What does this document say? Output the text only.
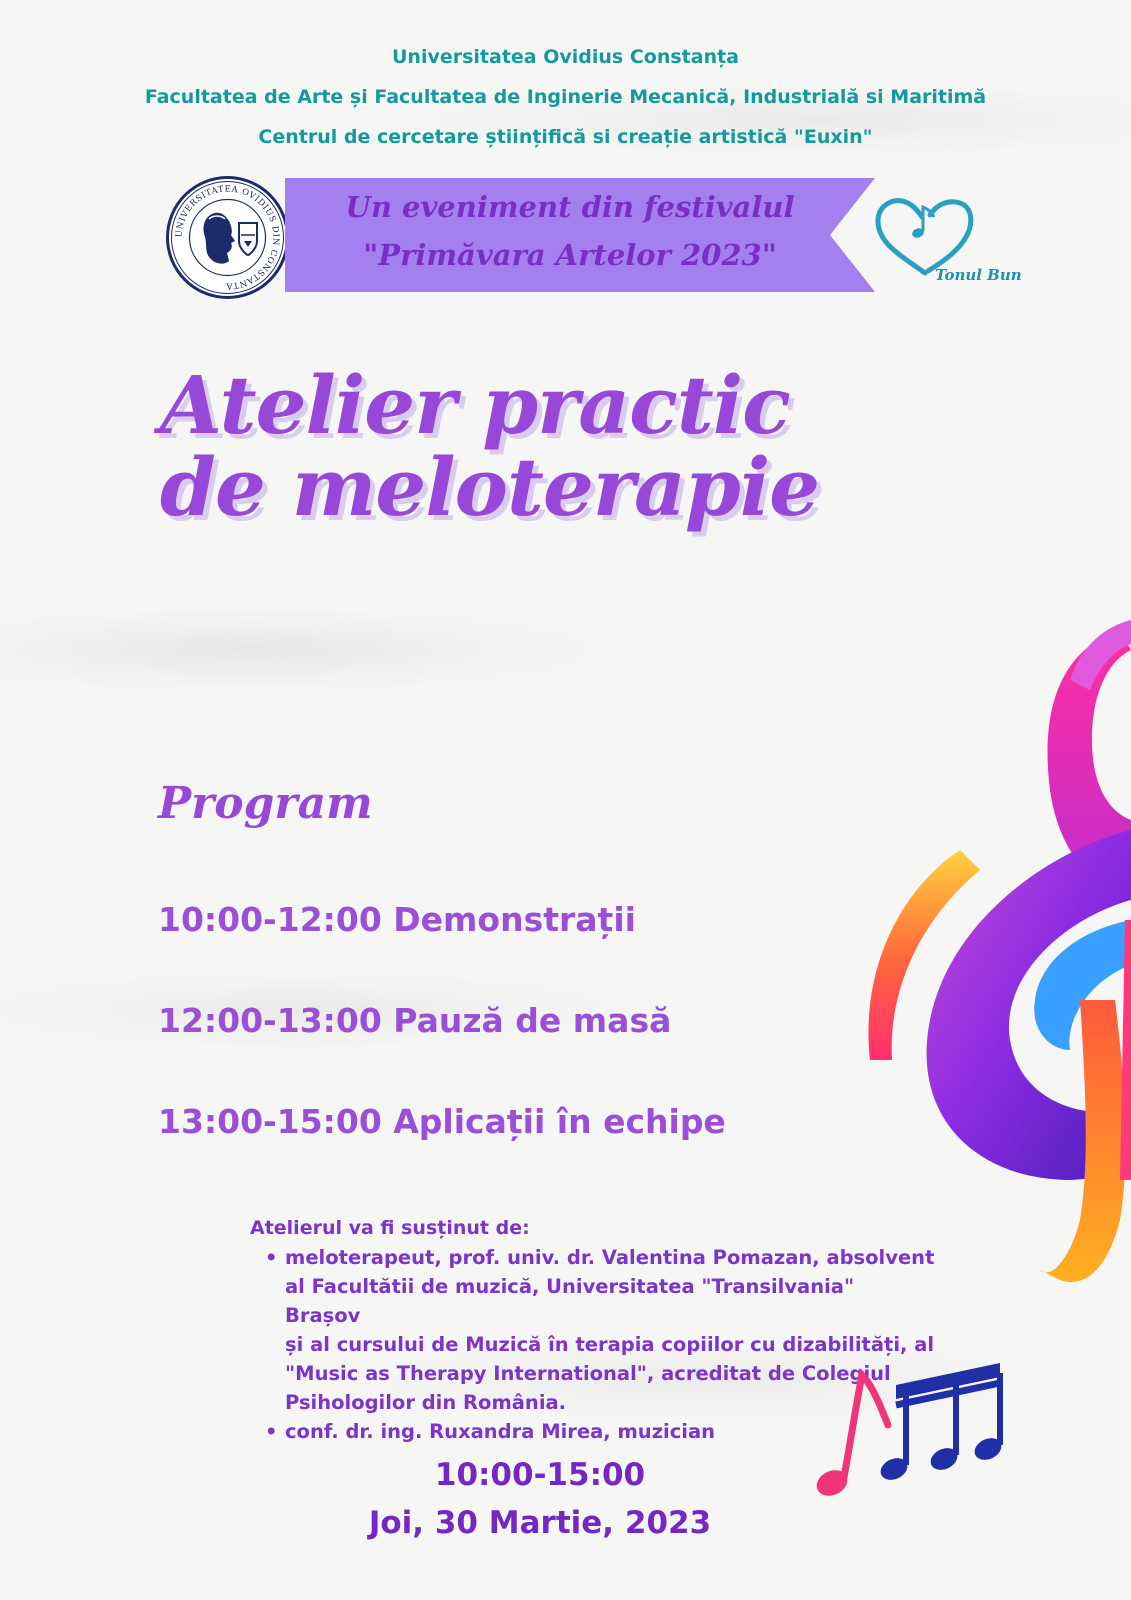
Universitatea Ovidius Constanța
Facultatea de Arte și Facultatea de Inginerie Mecanică, Industrială si Maritimă
Centrul de cercetare științifică si creație artistică "Euxin"
UNIVERSITATEA OVIDIUS DIN CONSTANTA
Un eveniment din festivalul
"Primăvara Artelor 2023"
Tonul Bun
Atelier practic
de meloterapie
Program
10:00-12:00 Demonstrații
12:00-13:00 Pauză de masă
13:00-15:00 Aplicații în echipe
Atelierul va fi susținut de:
• meloterapeut, prof. univ. dr. Valentina Pomazan, absolvent
al Facultătii de muzică, Universitatea "Transilvania" Brașov
și al cursului de Muzică în terapia copiilor cu dizabilități, al
"Music as Therapy International", acreditat de Colegiul
Psihologilor din România.
• conf. dr. ing. Ruxandra Mirea, muzician
10:00-15:00
Joi, 30 Martie, 2023
